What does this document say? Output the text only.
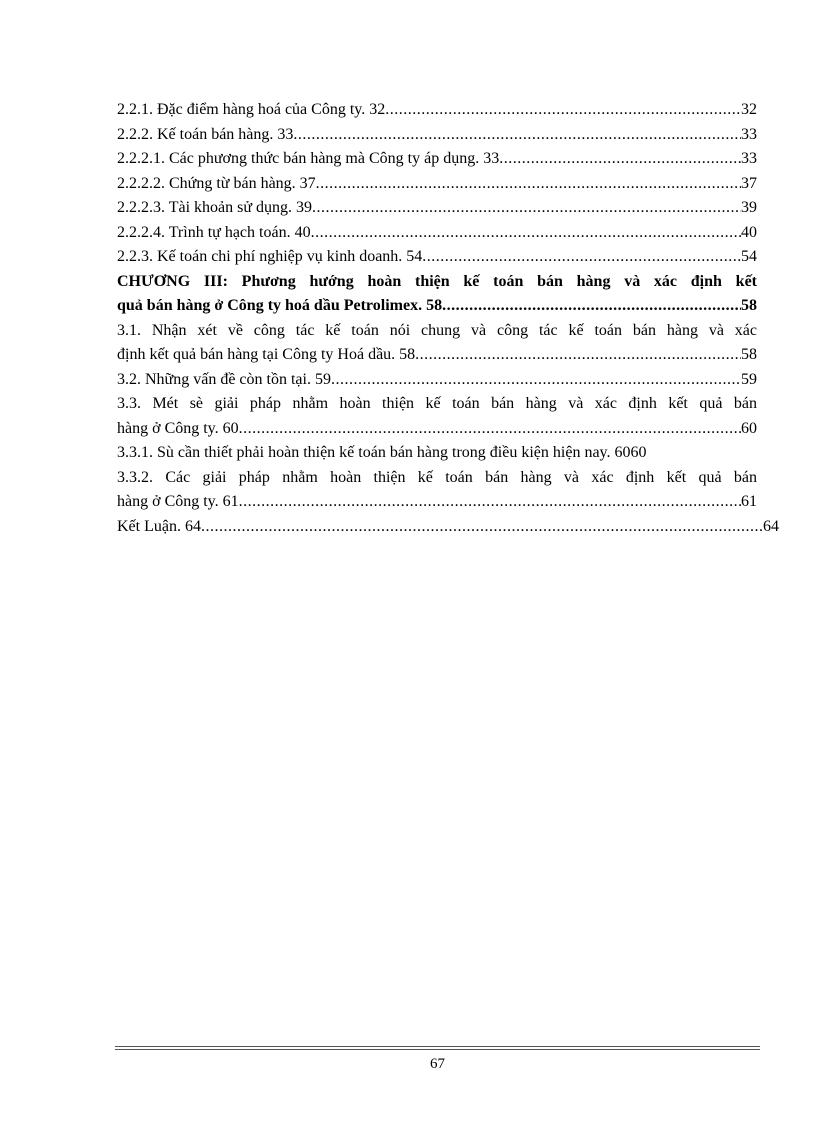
2.2.1. Đặc điểm hàng hoá của Công ty. 32 .....	32
2.2.2. Kế toán bán hàng. 33 .....	33
2.2.2.1. Các phương thức bán hàng mà Công ty áp dụng. 33 .....	33
2.2.2.2. Chứng từ bán hàng. 37 .....	37
2.2.2.3. Tài khoản sử dụng. 39 .....	39
2.2.2.4. Trình tự hạch toán. 40 .....	40
2.2.3. Kế toán chi phí nghiệp vụ kinh doanh. 54 .....	54
CHƯƠNG III: Phương hướng hoàn thiện kế toán bán hàng và xác định kết
quả bán hàng ở Công ty hoá dầu Petrolimex. 58 .....	58
3.1. Nhận xét về công tác kế toán nói chung và công tác kế toán bán hàng và xác
định kết quả bán hàng tại Công ty Hoá dầu. 58 .....	58
3.2. Những vấn đề còn tồn tại. 59 .....	59
3.3. Mét sè giải pháp nhằm hoàn thiện kế toán bán hàng và xác định kết quả bán
hàng ở Công ty. 60 .....	60
3.3.1. Sù cần thiết phải hoàn thiện kế toán bán hàng trong điều kiện hiện nay. 60 60
3.3.2. Các giải pháp nhằm hoàn thiện kế toán bán hàng và xác định kết quả bán
hàng ở Công ty. 61 .....	61
Kết Luận. 64 .....	64
67
